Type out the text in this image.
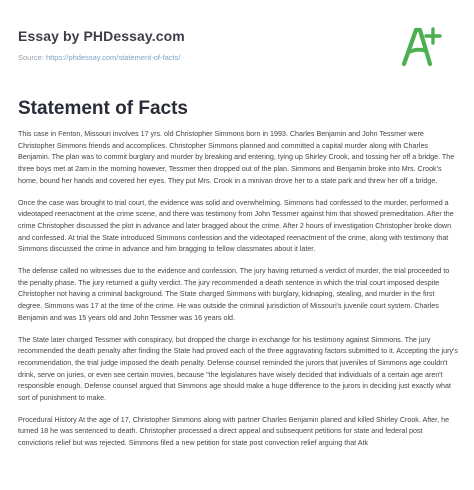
Essay by PHDessay.com
Source: https://phdessay.com/statement-of-facts/
Statement of Facts

This case in Fenton, Missouri involves 17 yrs. old Christopher Simmons born in 1993. Charles Benjamin and John Tessmer were Christopher Simmons friends and accomplices. Christopher Simmons planned and committed a capital murder along with Charles Benjamin. The plan was to commit burglary and murder by breaking and entering, tying up Shirley Crook, and tossing her off a bridge. The three boys met at 2am in the morning however, Tessmer then dropped out of the plan. Simmons and Benjamin broke into Mrs. Crook's home, bound her hands and covered her eyes. They put Mrs. Crook in a minivan drove her to a state park and threw her off a bridge.

Once the case was brought to trial court, the evidence was solid and overwhelming. Simmons had confessed to the murder, performed a videotaped reenactment at the crime scene, and there was testimony from John Tessmer against him that showed premeditation. After the crime Christopher discussed the plot in advance and later bragged about the crime. After 2 hours of investigation Christopher broke down and confessed. At trial the State introduced Simmons confession and the videotaped reenactment of the crime, along with testimony that Simmons discussed the crime in advance and him bragging to fellow classmates about it later.

The defense called no witnesses due to the evidence and confession. The jury having returned a verdict of murder, the trial proceeded to the penalty phase. The jury returned a guilty verdict. The jury recommended a death sentence in which the trial court imposed despite Christopher not having a criminal background. The State charged Simmons with burglary, kidnaping, stealing, and murder in the first degree. Simmons was 17 at the time of the crime. He was outside the criminal jurisdiction of Missouri's juvenile court system. Charles Benjamin and was 15 years old and John Tessmer was 16 years old.

The State later charged Tessmer with conspiracy, but dropped the charge in exchange for his testimony against Simmons. The jury recommended the death penalty after finding the State had proved each of the three aggravating factors submitted to it. Accepting the jury's recommendation, the trial judge imposed the death penalty. Defense counsel reminded the jurors that juveniles of Simmons age couldn't drink, serve on juries, or even see certain movies, because "the legislatures have wisely decided that individuals of a certain age aren't responsible enough. Defense counsel argued that Simmons age should make a huge difference to the jurors in deciding just exactly what sort of punishment to make.

Procedural History At the age of 17, Christopher Simmons along with partner Charles Benjamin planed and killed Shirley Crook. After, he turned 18 he was sentenced to death. Christopher processed a direct appeal and subsequent petitions for state and federal post convictions relief but was rejected. Simmons filed a new petition for state post convection relief arguing that Atk
